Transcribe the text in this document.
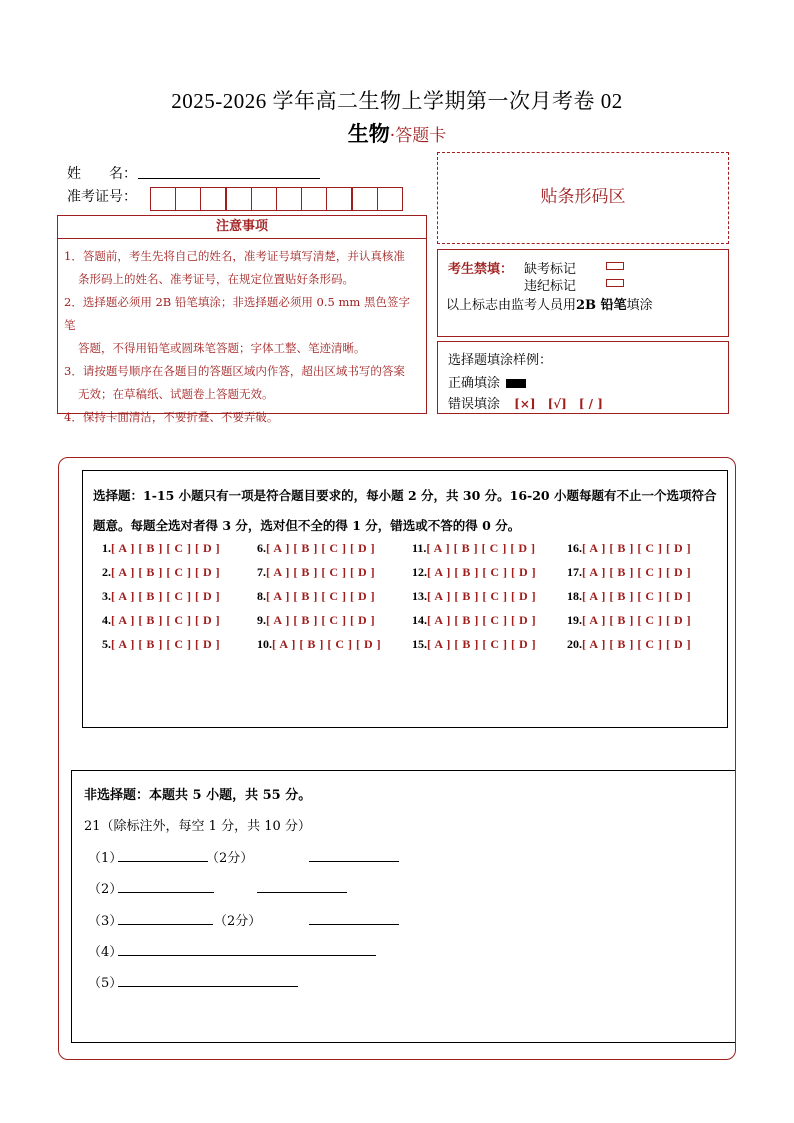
2025-2026 学年高二生物上学期第一次月考卷 02
生物·答题卡
姓　　名：
准考证号：
注意事项

1．答题前，考生先将自己的姓名，准考证号填写清楚，并认真核准

条形码上的姓名、准考证号，在规定位置贴好条形码。

2．选择题必须用 2B 铅笔填涂；非选择题必须用 0.5 mm 黑色签字笔

答题，不得用铅笔或圆珠笔答题；字体工整、笔迹清晰。

3．请按题号顺序在各题目的答题区域内作答，超出区域书写的答案

无效；在草稿纸、试题卷上答题无效。

4．保持卡面清洁，不要折叠、不要弄破。

贴条形码区
考生禁填： 缺考标记
违纪标记
以上标志由监考人员用2B 铅笔填涂
选择题填涂样例：
正确填涂
错误填涂 [×]　[√]　[ / ]
选择题：1-15 小题只有一项是符合题目要求的，每小题 2 分，共 30 分。16-20 小题每题有不止一个选项符合题意。每题全选对者得 3 分，选对但不全的得 1 分，错选或不答的得 0 分。
1.[ A ] [ B ] [ C ] [ D ]
2.[ A ] [ B ] [ C ] [ D ]
3.[ A ] [ B ] [ C ] [ D ]
4.[ A ] [ B ] [ C ] [ D ]
5.[ A ] [ B ] [ C ] [ D ]
6.[ A ] [ B ] [ C ] [ D ]
7.[ A ] [ B ] [ C ] [ D ]
8.[ A ] [ B ] [ C ] [ D ]
9.[ A ] [ B ] [ C ] [ D ]
10.[ A ] [ B ] [ C ] [ D ]
11.[ A ] [ B ] [ C ] [ D ]
12.[ A ] [ B ] [ C ] [ D ]
13.[ A ] [ B ] [ C ] [ D ]
14.[ A ] [ B ] [ C ] [ D ]
15.[ A ] [ B ] [ C ] [ D ]
16.[ A ] [ B ] [ C ] [ D ]
17.[ A ] [ B ] [ C ] [ D ]
18.[ A ] [ B ] [ C ] [ D ]
19.[ A ] [ B ] [ C ] [ D ]
20.[ A ] [ B ] [ C ] [ D ]
非选择题：本题共 5 小题，共 55 分。
21（除标注外，每空 1 分，共 10 分）
（1）	（2分）
（2）
（3）	（2分）
（4）
（5）
